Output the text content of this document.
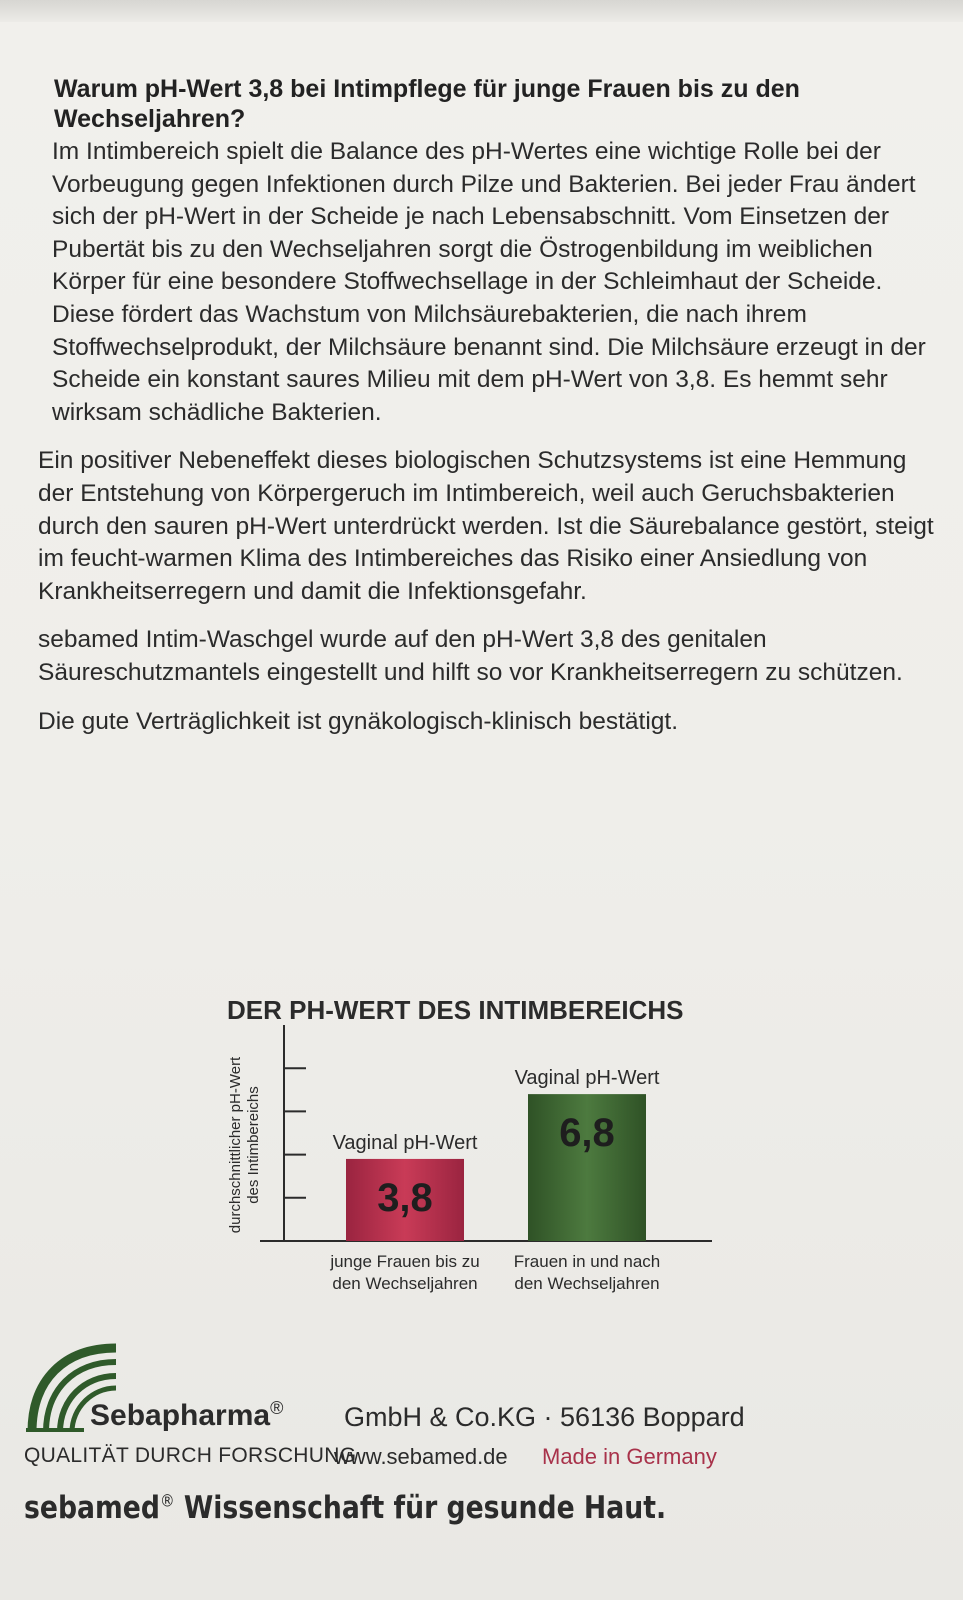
Warum pH-Wert 3,8 bei Intimpflege für junge Frauen bis zu den Wechseljahren?

Im Intimbereich spielt die Balance des pH-Wertes eine wichtige Rolle bei der Vorbeugung gegen Infektionen durch Pilze und Bakterien. Bei jeder Frau ändert sich der pH-Wert in der Scheide je nach Lebensabschnitt. Vom Einsetzen der Pubertät bis zu den Wechseljahren sorgt die Östrogenbildung im weiblichen Körper für eine besondere Stoffwechsellage in der Schleimhaut der Scheide. Diese fördert das Wachstum von Milchsäurebakterien, die nach ihrem Stoffwechselprodukt, der Milchsäure benannt sind. Die Milchsäure erzeugt in der Scheide ein konstant saures Milieu mit dem pH-Wert von 3,8. Es hemmt sehr wirksam schädliche Bakterien.

Ein positiver Nebeneffekt dieses biologischen Schutzsystems ist eine Hemmung der Entstehung von Körpergeruch im Intimbereich, weil auch Geruchsbakterien durch den sauren pH-Wert unterdrückt werden. Ist die Säurebalance gestört, steigt im feucht-warmen Klima des Intimbereiches das Risiko einer Ansiedlung von Krankheitserregern und damit die Infektionsgefahr.

sebamed Intim-Waschgel wurde auf den pH-Wert 3,8 des genitalen Säureschutzmantels eingestellt und hilft so vor Krankheitserregern zu schützen.

Die gute Verträglichkeit ist gynäkologisch-klinisch bestätigt.

DER PH-WERT DES INTIMBEREICHS
durchschnittlicher pH-Wert des Intimbereichs	3,8
Vaginal pH-Wert
junge Frauen bis zu
den Wechseljahren
6,8
Vaginal pH-Wert
Frauen in und nach
den Wechseljahren
Sebapharma® GmbH & Co.KG · 56136 Boppard
QUALITÄT DURCH FORSCHUNG
www.sebamed.de Made in Germany
sebamed® Wissenschaft für gesunde Haut.
